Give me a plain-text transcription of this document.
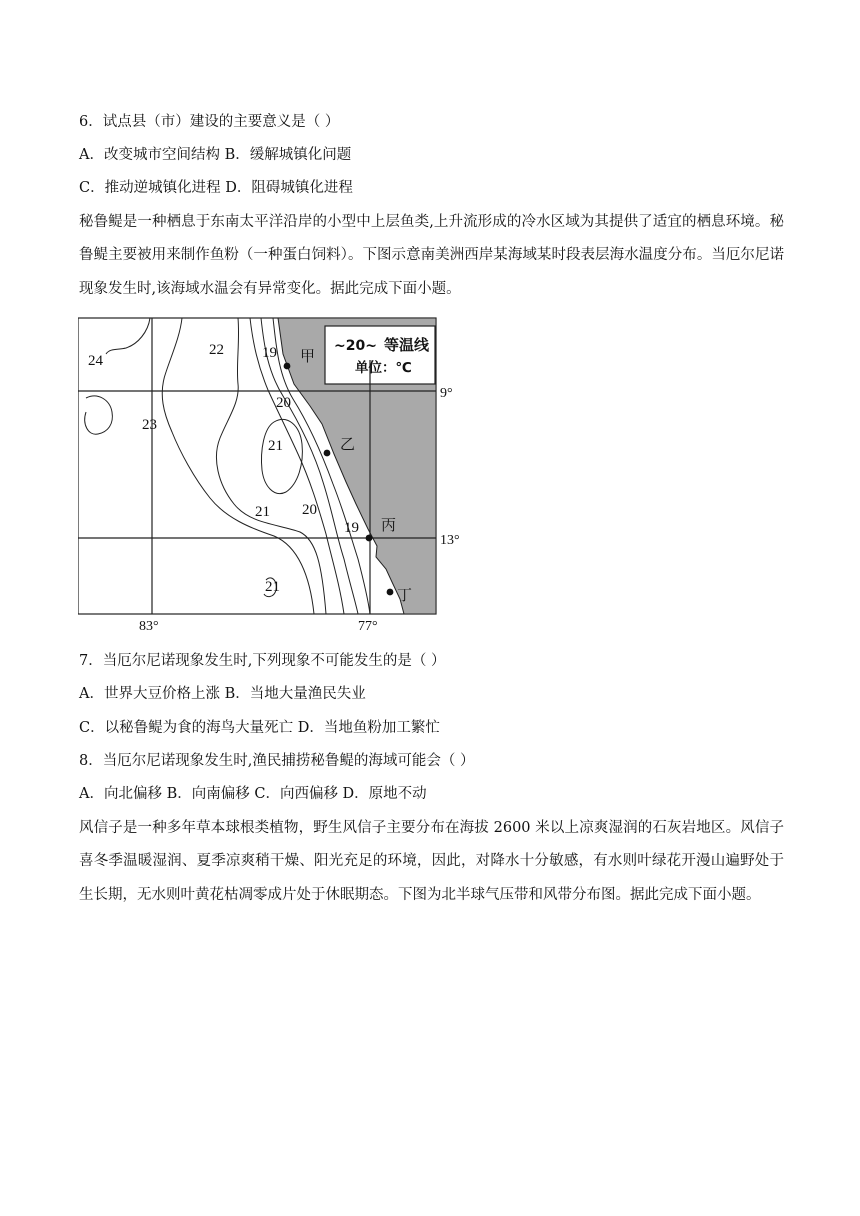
6．试点县（市）建设的主要意义是（ ）
A．改变城市空间结构 B．缓解城镇化问题
C．推动逆城镇化进程 D．阻碍城镇化进程
秘鲁鳀是一种栖息于东南太平洋沿岸的小型中上层鱼类,上升流形成的冷水区域为其提供了适宜的栖息环境。秘鲁鳀主要被用来制作鱼粉（一种蛋白饲料）。下图示意南美洲西岸某海域某时段表层海水温度分布。当厄尔尼诺现象发生时,该海域水温会有异常变化。据此完成下面小题。
~20~ 等温线
单位：℃
24
22	19
23
20
21
21 20
19
21
甲
乙
丙
丁
9°
13°
83°	77°
7．当厄尔尼诺现象发生时,下列现象不可能发生的是（ ）
A．世界大豆价格上涨 B．当地大量渔民失业
C．以秘鲁鳀为食的海鸟大量死亡 D．当地鱼粉加工繁忙
8．当厄尔尼诺现象发生时,渔民捕捞秘鲁鳀的海域可能会（ ）
A．向北偏移 B．向南偏移 C．向西偏移 D．原地不动
风信子是一种多年草本球根类植物，野生风信子主要分布在海拔 2600 米以上凉爽湿润的石灰岩地区。风信子喜冬季温暖湿润、夏季凉爽稍干燥、阳光充足的环境，因此，对降水十分敏感，有水则叶绿花开漫山遍野处于生长期，无水则叶黄花枯凋零成片处于休眠期态。下图为北半球气压带和风带分布图。据此完成下面小题。
